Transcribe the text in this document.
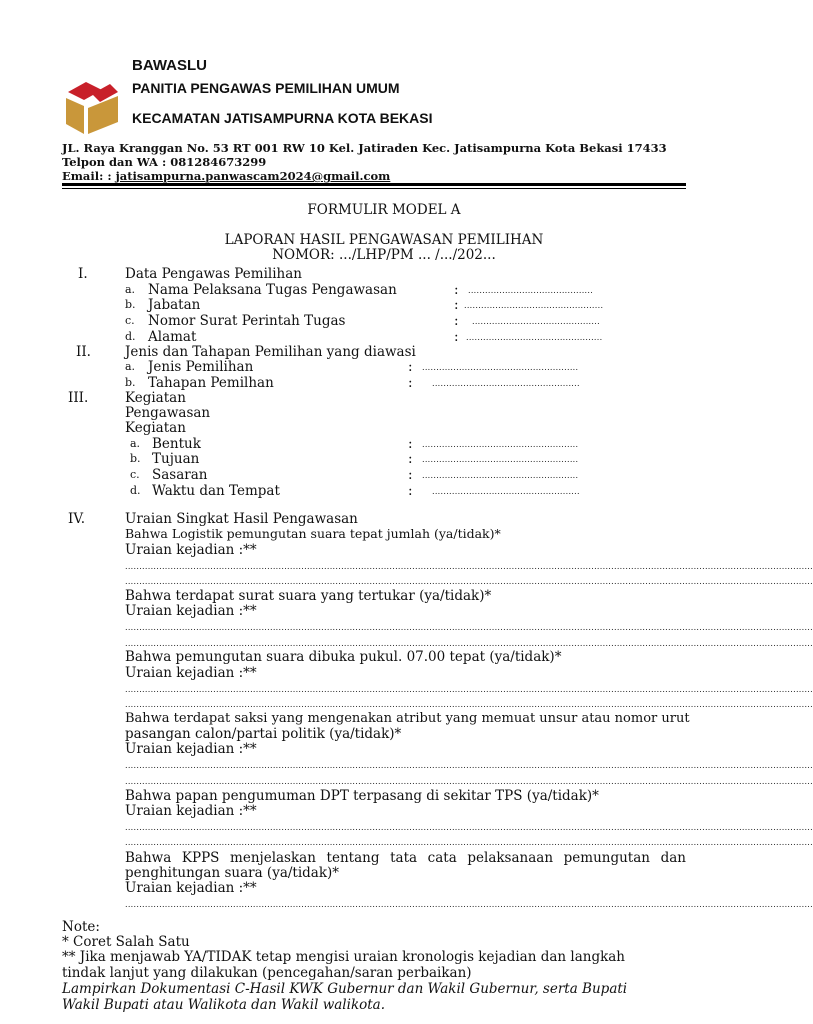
BAWASLU
PANITIA PENGAWAS PEMILIHAN UMUM
KECAMATAN JATISAMPURNA KOTA BEKASI
JL. Raya Kranggan No. 53 RT 001 RW 10 Kel. Jatiraden Kec. Jatisampurna Kota Bekasi 17433
Telpon dan WA : 081284673299
Email: : jatisampurna.panwascam2024@gmail.com
FORMULIR MODEL A
LAPORAN HASIL PENGAWASAN PEMILIHAN
NOMOR: .../LHP/PM ... /.../202...
I.	Data Pengawas Pemilihan
a. Nama Pelaksana Tugas Pengawasan	: ............................................
b. Jabatan	: .................................................
c. Nomor Surat Perintah Tugas	: .............................................
d. Alamat	: ................................................
II.	Jenis dan Tahapan Pemilihan yang diawasi
a. Jenis Pemilihan	: .......................................................
b. Tahapan Pemilhan	: ....................................................
III.	Kegiatan
Pengawasan
Kegiatan
a. Bentuk	: .......................................................
b. Tujuan	: .......................................................
c. Sasaran	: .......................................................
d. Waktu dan Tempat	: ....................................................
IV.	Uraian Singkat Hasil Pengawasan
Bahwa Logistik pemungutan suara tepat jumlah (ya/tidak)*
Uraian kejadian :**
..................................................................................................................................................................................................................................................
..................................................................................................................................................................................................................................................
Bahwa terdapat surat suara yang tertukar (ya/tidak)*
Uraian kejadian :**
..................................................................................................................................................................................................................................................
..................................................................................................................................................................................................................................................
Bahwa pemungutan suara dibuka pukul. 07.00 tepat (ya/tidak)*
Uraian kejadian :**
..................................................................................................................................................................................................................................................
..................................................................................................................................................................................................................................................
Bahwa terdapat saksi yang mengenakan atribut yang memuat unsur atau nomor urut
pasangan calon/partai politik (ya/tidak)*
Uraian kejadian :**
..................................................................................................................................................................................................................................................
..................................................................................................................................................................................................................................................
Bahwa papan pengumuman DPT terpasang di sekitar TPS (ya/tidak)*
Uraian kejadian :**
..................................................................................................................................................................................................................................................
..................................................................................................................................................................................................................................................
Bahwa KPPS menjelaskan tentang tata cata pelaksanaan pemungutan dan
penghitungan suara (ya/tidak)*
Uraian kejadian :**
..................................................................................................................................................................................................................................................
Note:
* Coret Salah Satu
** Jika menjawab YA/TIDAK tetap mengisi uraian kronologis kejadian dan langkah
tindak lanjut yang dilakukan (pencegahan/saran perbaikan)
Lampirkan Dokumentasi C-Hasil KWK Gubernur dan Wakil Gubernur, serta Bupati
Wakil Bupati atau Walikota dan Wakil walikota.
